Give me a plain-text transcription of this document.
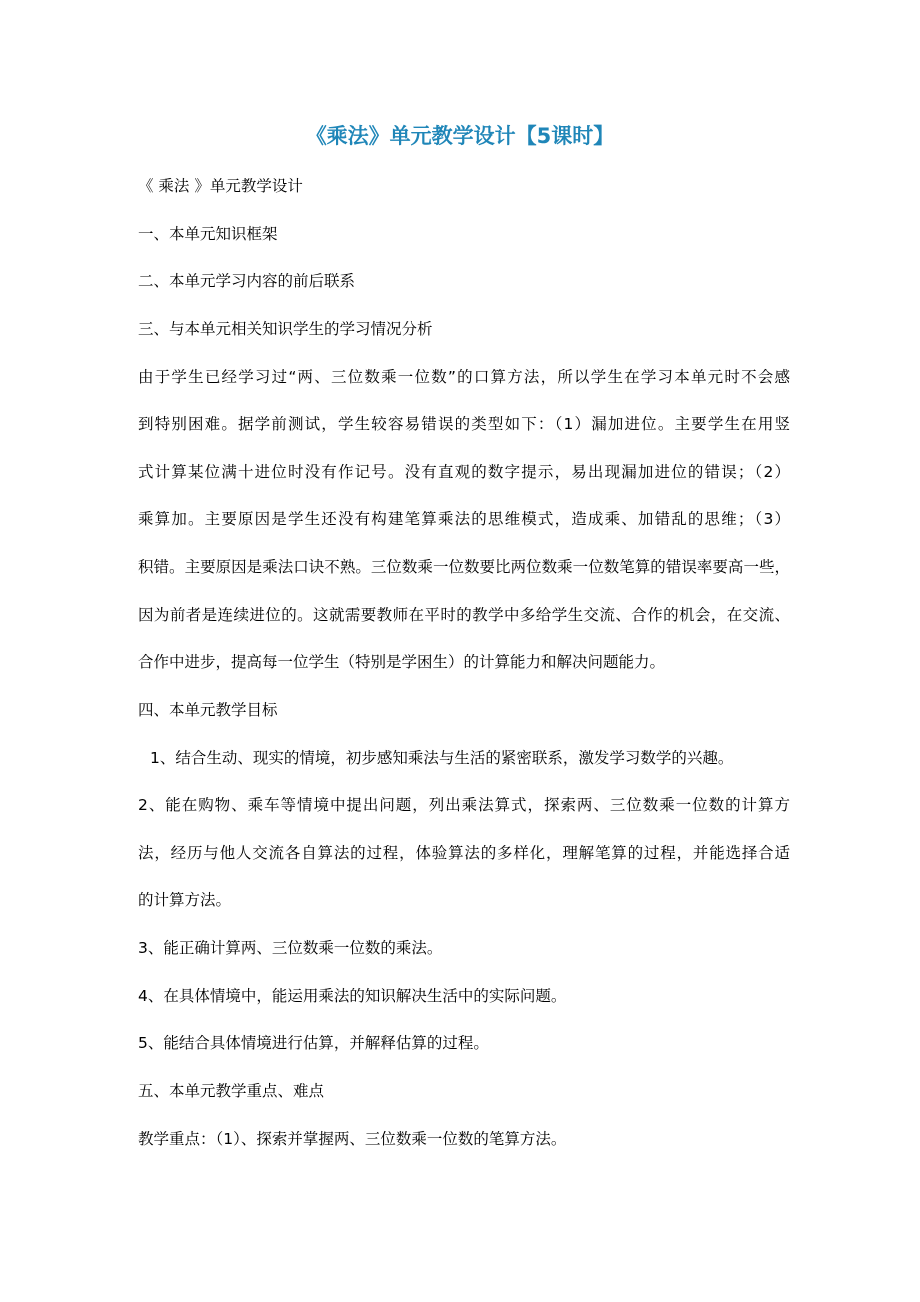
《乘法》单元教学设计【5课时】
《 乘法 》单元教学设计
一、本单元知识框架
二、本单元学习内容的前后联系
三、与本单元相关知识学生的学习情况分析
由于学生已经学习过“两、三位数乘一位数”的口算方法，所以学生在学习本单元时不会感
到特别困难。据学前测试，学生较容易错误的类型如下：（1）漏加进位。主要学生在用竖
式计算某位满十进位时没有作记号。没有直观的数字提示，易出现漏加进位的错误；（2）
乘算加。主要原因是学生还没有构建笔算乘法的思维模式，造成乘、加错乱的思维；（3）
积错。主要原因是乘法口诀不熟。三位数乘一位数要比两位数乘一位数笔算的错误率要高一些，
因为前者是连续进位的。这就需要教师在平时的教学中多给学生交流、合作的机会，在交流、
合作中进步，提高每一位学生（特别是学困生）的计算能力和解决问题能力。
四、本单元教学目标
1、结合生动、现实的情境，初步感知乘法与生活的紧密联系，激发学习数学的兴趣。
2、能在购物、乘车等情境中提出问题，列出乘法算式，探索两、三位数乘一位数的计算方
法，经历与他人交流各自算法的过程，体验算法的多样化，理解笔算的过程，并能选择合适
的计算方法。
3、能正确计算两、三位数乘一位数的乘法。
4、在具体情境中，能运用乘法的知识解决生活中的实际问题。
5、能结合具体情境进行估算，并解释估算的过程。
五、本单元教学重点、难点
教学重点：（1）、探索并掌握两、三位数乘一位数的笔算方法。
